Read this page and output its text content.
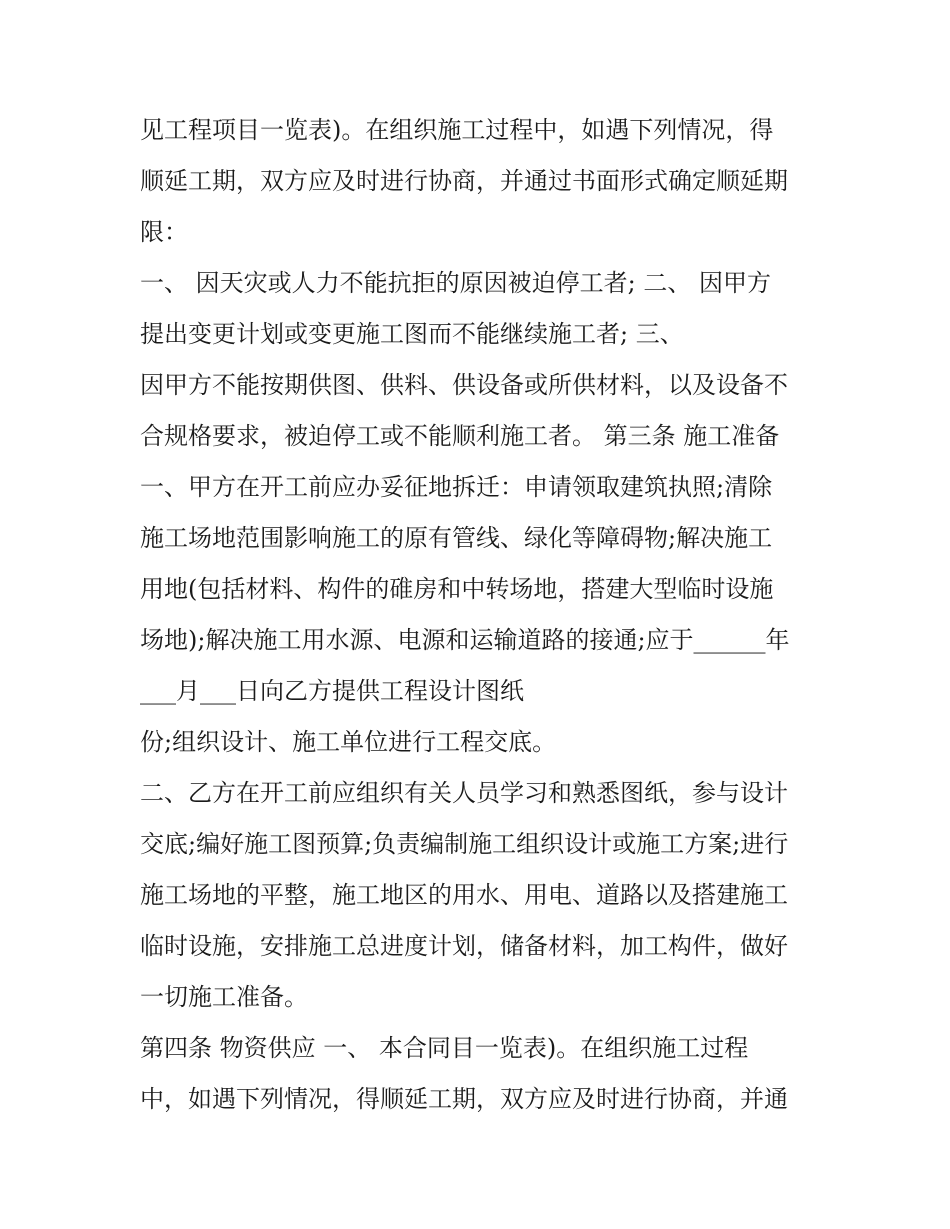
见工程项目一览表)。在组织施工过程中，如遇下列情况，得

顺延工期，双方应及时进行协商，并通过书面形式确定顺延期

限：

一、 因天灾或人力不能抗拒的原因被迫停工者; 二、 因甲方

提出变更计划或变更施工图而不能继续施工者; 三、

因甲方不能按期供图、供料、供设备或所供材料，以及设备不

合规格要求，被迫停工或不能顺利施工者。 第三条 施工准备

一、甲方在开工前应办妥征地拆迁：申请领取建筑执照;清除

施工场地范围影响施工的原有管线、绿化等障碍物;解决施工

用地(包括材料、构件的碓房和中转场地，搭建大型临时设施

场地);解决施工用水源、电源和运输道路的接通;应于______年

___月___日向乙方提供工程设计图纸

份;组织设计、施工单位进行工程交底。

二、乙方在开工前应组织有关人员学习和熟悉图纸，参与设计

交底;编好施工图预算;负责编制施工组织设计或施工方案;进行

施工场地的平整，施工地区的用水、用电、道路以及搭建施工

临时设施，安排施工总进度计划，储备材料，加工构件，做好

一切施工准备。

第四条 物资供应 一、 本合同目一览表)。在组织施工过程

中，如遇下列情况，得顺延工期，双方应及时进行协商，并通
